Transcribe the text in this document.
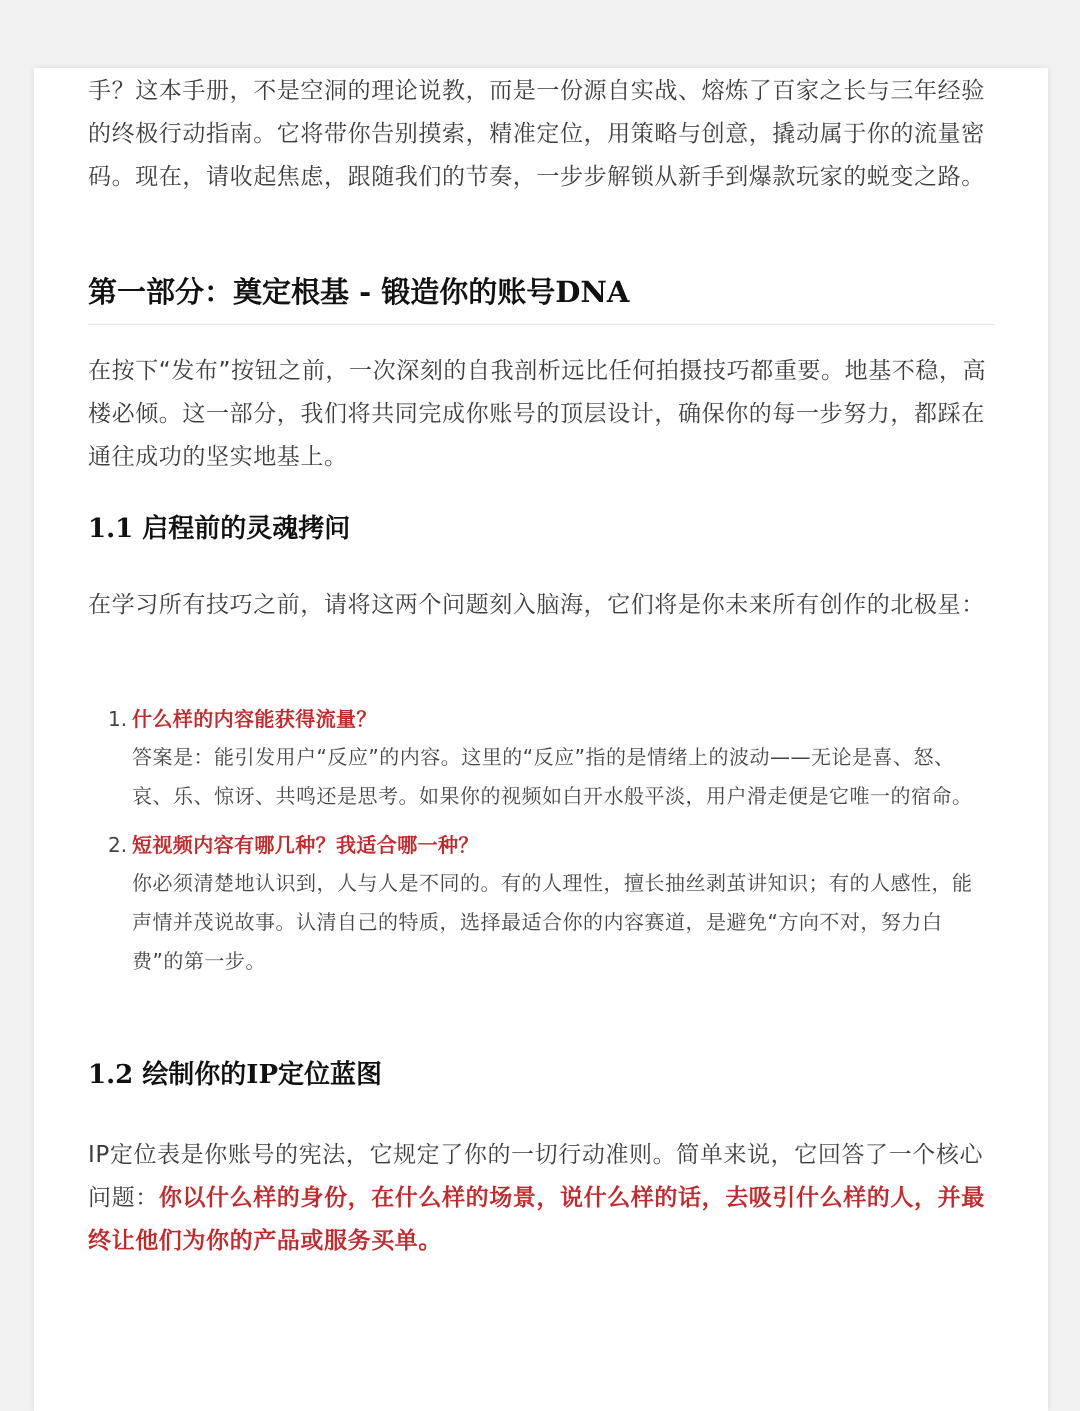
手？这本手册，不是空洞的理论说教，而是一份源自实战、熔炼了百家之长与三年经验的终极行动指南。它将带你告别摸索，精准定位，用策略与创意，撬动属于你的流量密码。现在，请收起焦虑，跟随我们的节奏，一步步解锁从新手到爆款玩家的蜕变之路。

第一部分：奠定根基 - 锻造你的账号DNA

在按下“发布”按钮之前，一次深刻的自我剖析远比任何拍摄技巧都重要。地基不稳，高楼必倾。这一部分，我们将共同完成你账号的顶层设计，确保你的每一步努力，都踩在通往成功的坚实地基上。

1.1 启程前的灵魂拷问

在学习所有技巧之前，请将这两个问题刻入脑海，它们将是你未来所有创作的北极星：

1. 什么样的内容能获得流量？

答案是：能引发用户“反应”的内容。这里的“反应”指的是情绪上的波动——无论是喜、怒、哀、乐、惊讶、共鸣还是思考。如果你的视频如白开水般平淡，用户滑走便是它唯一的宿命。

2. 短视频内容有哪几种？我适合哪一种？

你必须清楚地认识到，人与人是不同的。有的人理性，擅长抽丝剥茧讲知识；有的人感性，能声情并茂说故事。认清自己的特质，选择最适合你的内容赛道，是避免“方向不对，努力白费”的第一步。

1.2 绘制你的IP定位蓝图

IP定位表是你账号的宪法，它规定了你的一切行动准则。简单来说，它回答了一个核心问题：你以什么样的身份，在什么样的场景，说什么样的话，去吸引什么样的人，并最终让他们为你的产品或服务买单。
